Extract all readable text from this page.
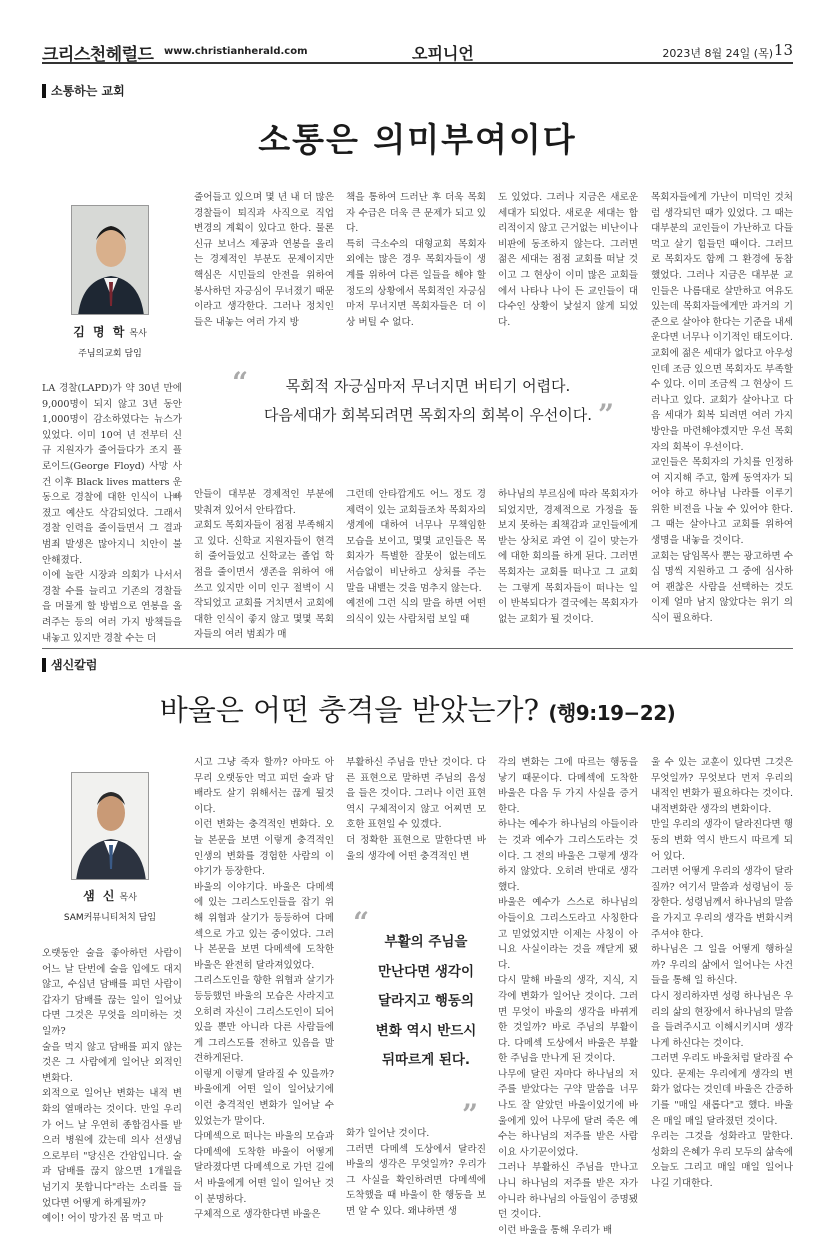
크리스천헤럴드 www.christianherald.com	오피니언	2023년 8월 24일 (목) 13
소통하는 교회
소통은 의미부여이다
김 명 학 목사
주님의교회 담임
LA 경찰(LAPD)가 약 30년 만에 9,000명이 되지 않고 3년 동안 1,000명이 감소하였다는 뉴스가 있었다. 이미 10여 년 전부터 신규 지원자가 줄어들다가 조지 플로이드(George Floyd) 사망 사건 이후 Black lives matters 운동으로 경찰에 대한 인식이 나빠졌고 예산도 삭감되었다. 그래서 경찰 인력을 줄이들면서 그 결과 범죄 발생은 많아지니 치안이 불안해졌다.
이에 놀란 시장과 의회가 나서서 경찰 수를 늘리고 기존의 경찰들을 머물게 할 방법으로 연봉을 올려주는 등의 여러 가지 방책들을 내놓고 있지만 경찰 수는 더
줄어들고 있으며 몇 년 내 더 많은 경찰들이 퇴직과 사직으로 직업 변경의 계획이 있다고 한다. 물론 신규 보너스 제공과 연봉을 올리는 경제적인 부분도 문제이지만 핵심은 시민들의 안전을 위하여 봉사하던 자긍심이 무너졌기 때문이라고 생각한다. 그러나 정치인들은 내놓는 여러 가지 방
책을 통하여 드러난 후 더욱 목회자 수급은 더욱 큰 문제가 되고 있다.
특히 극소수의 대형교회 목회자 외에는 많은 경우 목회자들이 생계를 위하여 다른 일들을 해야 할 정도의 상황에서 목회적인 자긍심마저 무너지면 목회자들은 더 이상 버틸 수 없다.
도 있었다. 그러나 지금은 새로운 세대가 되었다. 새로운 세대는 합리적이지 않고 근거없는 비난이나 비판에 동조하지 않는다. 그러면 젊은 세대는 점점 교회를 떠날 것이고 그 현상이 이미 많은 교회들에서 나타나 나이 든 교인들이 대다수인 상황이 낯설지 않게 되었다.
목회자들에게 가난이 미덕인 것처럼 생각되던 때가 있었다. 그 때는 대부분의 교인들이 가난하고 다들 먹고 살기 힘들던 때이다. 그러므로 목회자도 함께 그 환경에 동참했었다. 그러나 지금은 대부분 교인들은 나름대로 살만하고 여유도 있는데 목회자들에게만 과거의 기준으로 살아야 한다는 기준을 내세운다면 너무나 이기적인 태도이다.
교회에 젊은 세대가 없다고 아우성인데 조금 있으면 목회자도 부족할 수 있다. 이미 조금씩 그 현상이 드러나고 있다. 교회가 살아나고 다음 세대가 회복 되려면 여러 가지 방안을 마련해야겠지만 우선 목회자의 회복이 우선이다.
교인들은 목회자의 가치를 인정하여 지지해 주고, 함께 동역자가 되어야 하고 하나님 나라를 이루기 위한 비전을 나눌 수 있어야 한다. 그 때는 살아나고 교회를 위하여 생명을 내놓을 것이다.
교회는 담임목사 뿐는 광고하면 수십 명씩 지원하고 그 중에 심사하여 괜찮은 사람을 선택하는 것도 이제 얼마 남지 않았다는 위기 의식이 필요하다.
“	목회적 자긍심마저 무너지면 버티기 어렵다.
다음세대가 회복되려면 목회자의 회복이 우선이다. ”
안들이 대부분 경제적인 부분에 맞춰져 있어서 안타깝다.
교회도 목회자들이 점점 부족해지고 있다. 신학교 지원자들이 현격히 줄어들었고 신학교는 졸업 학점을 줄이면서 생존을 위하여 애쓰고 있지만 이미 인구 절벽이 시작되었고 교회를 거치면서 교회에 대한 인식이 좋지 않고 몇몇 목회자들의 여러 범죄가 매
그런데 안타깝게도 어느 정도 경제력이 있는 교회들조차 목회자의 생계에 대하여 너무나 무책임한 모습을 보이고, 몇몇 교인들은 목회자가 특별한 잘못이 없는데도 서슴없이 비난하고 상처를 주는 말을 내뱉는 것을 멈추지 않는다.
예전에 그런 식의 말을 하면 어떤 의식이 있는 사람처럼 보일 때
하나님의 부르심에 따라 목회자가 되었지만, 경제적으로 가정을 돌보지 못하는 죄책감과 교인들에게 받는 상처로 과연 이 길이 맞는가에 대한 회의를 하게 된다. 그러면 목회자는 교회를 떠나고 그 교회는 그렇게 목회자들이 떠나는 일이 반복되다가 결국에는 목회자가 없는 교회가 될 것이다.
샘신칼럼
바울은 어떤 충격을 받았는가? (행9:19−22)
샘 신 목사
SAM커뮤니티처치 담임
오랫동안 술을 좋아하던 사람이 어느 날 단번에 술을 입에도 대지 않고, 수십년 담배를 피던 사람이 갑자기 담배를 끊는 일이 일어났다면 그것은 무엇을 의미하는 것일까?
술을 먹지 않고 담배를 피지 않는 것은 그 사람에게 일어난 외적인 변화다.
외적으로 일어난 변화는 내적 변화의 열매라는 것이다. 만일 우리가 어느 날 우연히 종합검사를 받으러 병원에 갔는데 의사 선생님으로부터 "당신은 간암입니다. 술과 담배를 끊지 않으면 1개월을 넘기지 못합니다"라는 소리를 들었다면 어떻게 하게될까?
예이! 어이 망가진 몸 먹고 마
시고 그냥 죽자 할까? 아마도 아무리 오랫동안 먹고 피던 술과 담배라도 살기 위해서는 끊게 될것이다.
이런 변화는 충격적인 변화다. 오늘 본문을 보면 이렇게 충격적인 인생의 변화를 경험한 사람의 이야기가 등장한다.
바울의 이야기다. 바울은 다메섹에 있는 그리스도인들을 잡기 위해 위협과 살기가 등등하여 다메섹으로 가고 있는 중이었다. 그러나 본문을 보면 다메섹에 도착한 바울은 완전히 달라져있었다.
그리스도인을 향한 위협과 살기가 등등했던 바울의 모습은 사라지고 오히려 자신이 그리스도인이 되어 있을 뿐만 아니라 다른 사람들에게 그리스도를 전하고 있음을 발견하게된다.
이렇게 이렇게 달라질 수 있을까? 바울에게 어떤 일이 일어났기에 이런 충격적인 변화가 일어날 수 있었는가 말이다.
다메섹으로 떠나는 바울의 모습과 다메섹에 도착한 바울이 어떻게 달라졌다면 다메섹으로 가던 길에서 바울에게 어떤 일이 일어난 것이 분명하다.
구체적으로 생각한다면 바울은
부활하신 주님을 만난 것이다. 다른 표현으로 말하면 주님의 음성을 들은 것이다. 그러나 이런 표현역시 구체적이지 않고 어찌면 모호한 표현일 수 있겠다.
더 정확한 표현으로 말한다면 바울의 생각에 어떤 충격적인 변
“
부활의 주님을
만난다면 생각이
달라지고 행동의
변화 역시 반드시
뒤따르게 된다.
”
화가 일어난 것이다.
그러면 다메섹 도상에서 달라진 바울의 생각은 무엇일까? 우리가 그 사실을 확인하려면 다메섹에 도착했을 때 바울이 한 행동을 보면 알 수 있다. 왜냐하면 생
각의 변화는 그에 따르는 행동을 낳기 때문이다. 다메섹에 도착한 바울은 다음 두 가지 사실을 증거한다.
하나는 예수가 하나님의 아들이라는 것과 예수가 그리스도라는 것이다. 그 전의 바울은 그렇게 생각하지 않았다. 오히려 반대로 생각했다.
바울은 예수가 스스로 하나님의 아들이요 그리스도라고 사칭한다고 믿었었지만 이제는 사칭이 아니요 사실이라는 것을 깨닫게 됐다.
다시 말해 바울의 생각, 지식, 지각에 변화가 일어난 것이다. 그러면 무엇이 바울의 생각을 바뀌게 한 것일까? 바로 주님의 부활이다. 다메섹 도상에서 바울은 부활한 주님을 만나게 된 것이다.
나무에 달린 자마다 하나님의 저주를 받았다는 구약 말씀을 너무나도 잘 알았던 바울이었기에 바울에게 있어 나무에 달려 죽은 예수는 하나님의 저주를 받은 사람이요 사기꾼이었다.
그러나 부활하신 주님을 만나고 나니 하나님의 저주를 받은 자가 아니라 하나님의 아들임이 증명됐던 것이다.
이런 바울을 통해 우리가 배
울 수 있는 교훈이 있다면 그것은 무엇일까? 무엇보다 먼저 우리의 내적인 변화가 필요하다는 것이다. 내적변화란 생각의 변화이다.
만일 우리의 생각이 달라진다면 행동의 변화 역시 반드시 따르게 되어 있다.
그러면 어떻게 우리의 생각이 달라질까? 여기서 말씀과 성령님이 등장한다. 성령님께서 하나님의 말씀을 가지고 우리의 생각을 변화시켜 주셔야 한다.
하나님은 그 일을 어떻게 행하실까? 우리의 삶에서 일어나는 사건들을 통해 일 하신다.
다시 정리하자면 성령 하나님은 우리의 삶의 현장에서 하나님의 말씀을 들려주시고 이해시키시며 생각나게 하신다는 것이다.
그러면 우리도 바울처럼 달라질 수 있다. 문제는 우리에게 생각의 변화가 없다는 것인데 바울은 간증하기를 "매일 새롭다"고 했다. 바울은 매일 매일 달라졌던 것이다.
우리는 그것을 성화라고 말한다. 성화의 은혜가 우리 모두의 삶속에 오늘도 그리고 매일 매일 일어나 나길 기대한다.
